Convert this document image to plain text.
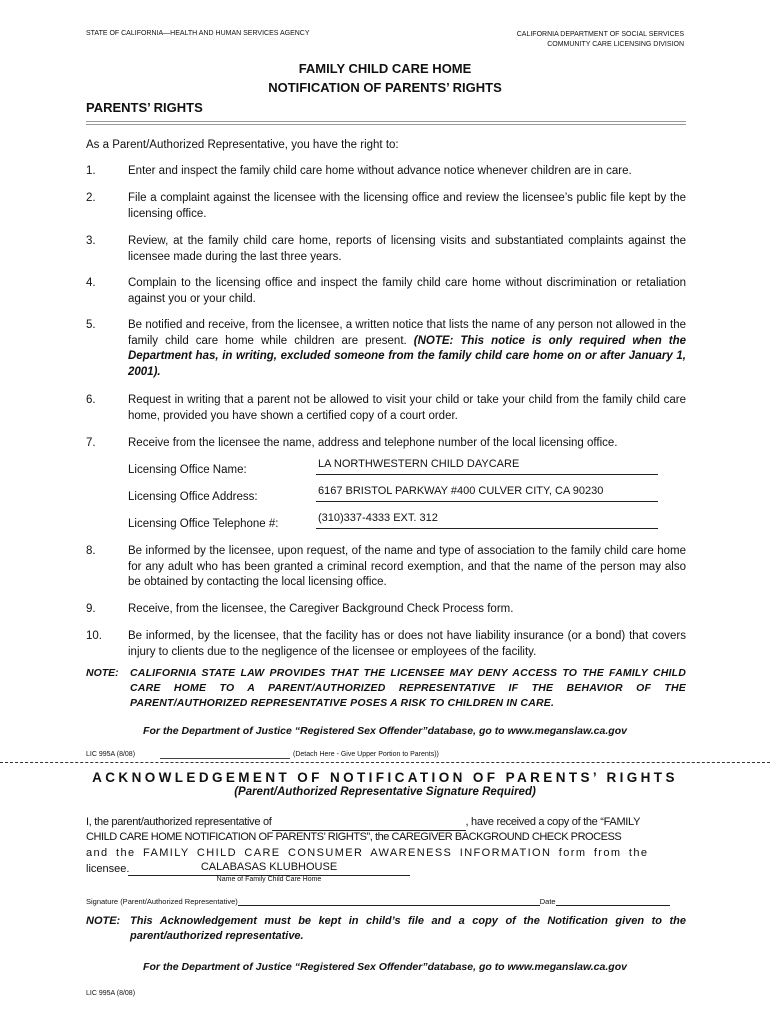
STATE OF CALIFORNIA—HEALTH AND HUMAN SERVICES AGENCY	CALIFORNIA DEPARTMENT OF SOCIAL SERVICES
COMMUNITY CARE LICENSING DIVISION
FAMILY CHILD CARE HOME
NOTIFICATION OF PARENTS’ RIGHTS
PARENTS’ RIGHTS
As a Parent/Authorized Representative, you have the right to:
1.	Enter and inspect the family child care home without advance notice whenever children are in care.
2.	File a complaint against the licensee with the licensing office and review the licensee’s public file kept by the licensing office.
3.	Review, at the family child care home, reports of licensing visits and substantiated complaints against the licensee made during the last three years.
4.	Complain to the licensing office and inspect the family child care home without discrimination or retaliation against you or your child.
5.	Be notified and receive, from the licensee, a written notice that lists the name of any person not allowed in the family child care home while children are present. (NOTE: This notice is only required when the Department has, in writing, excluded someone from the family child care home on or after January 1, 2001).
6.	Request in writing that a parent not be allowed to visit your child or take your child from the family child care home, provided you have shown a certified copy of a court order.
7.	Receive from the licensee the name, address and telephone number of the local licensing office.
Licensing Office Name:	LA NORTHWESTERN CHILD DAYCARE
Licensing Office Address:	6167 BRISTOL PARKWAY #400 CULVER CITY, CA 90230
Licensing Office Telephone #:	(310)337-4333 EXT. 312
8.	Be informed by the licensee, upon request, of the name and type of association to the family child care home for any adult who has been granted a criminal record exemption, and that the name of the person may also be obtained by contacting the local licensing office.
9.	Receive, from the licensee, the Caregiver Background Check Process form.
10.	Be informed, by the licensee, that the facility has or does not have liability insurance (or a bond) that covers injury to clients due to the negligence of the licensee or employees of the facility.
NOTE: CALIFORNIA STATE LAW PROVIDES THAT THE LICENSEE MAY DENY ACCESS TO THE FAMILY CHILD CARE HOME TO A PARENT/AUTHORIZED REPRESENTATIVE IF THE BEHAVIOR OF THE PARENT/AUTHORIZED REPRESENTATIVE POSES A RISK TO CHILDREN IN CARE.
For the Department of Justice “Registered Sex Offender”database, go to www.meganslaw.ca.gov
LIC 995A (8/08)	(Detach Here - Give Upper Portion to Parents))
ACKNOWLEDGEMENT OF NOTIFICATION OF PARENTS’ RIGHTS
(Parent/Authorized Representative Signature Required)
I, the parent/authorized representative of	, have received a copy of the “FAMILY
CHILD CARE HOME NOTIFICATION OF PARENTS’ RIGHTS”, the CAREGIVER BACKGROUND CHECK PROCESS
and the FAMILY CHILD CARE CONSUMER AWARENESS INFORMATION form from the
licensee.	CALABASAS KLUBHOUSE
Name of Family Child Care Home
Signature (Parent/Authorized Representative)	Date
NOTE: This Acknowledgement must be kept in child’s file and a copy of the Notification given to the parent/authorized representative.
For the Department of Justice “Registered Sex Offender”database, go to www.meganslaw.ca.gov
LIC 995A (8/08)
